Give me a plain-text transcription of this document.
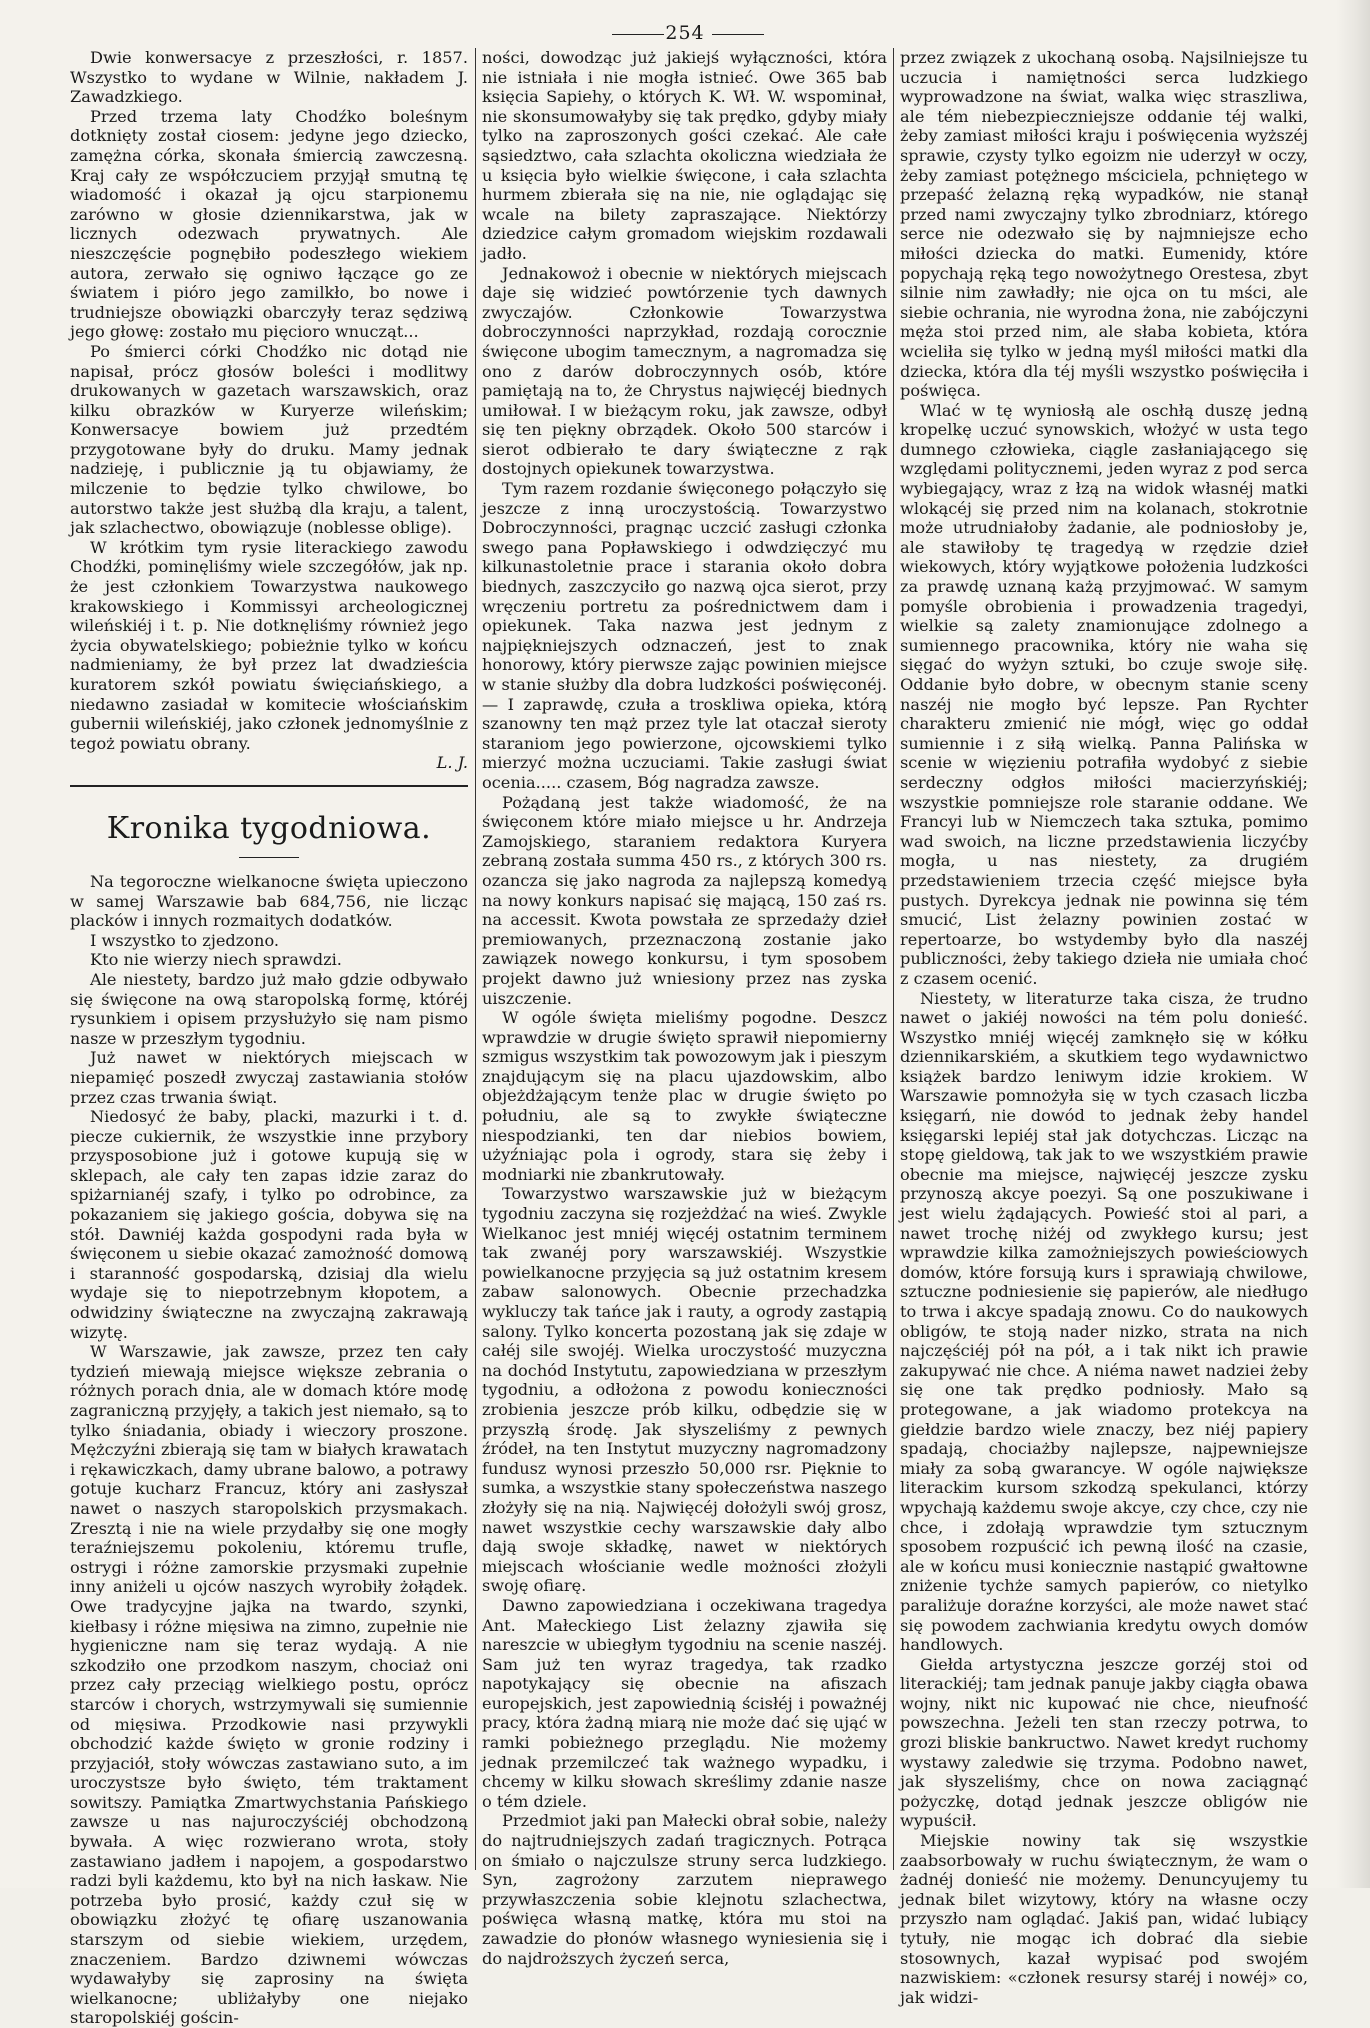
254

Dwie konwersacye z przeszłości, r. 1857. Wszystko to wydane w Wilnie, nakładem J. Zawadzkiego.

Przed trzema laty Chodźko boleśnym dotknięty został ciosem: jedyne jego dziecko, zamężna córka, skonała śmiercią zawczesną. Kraj cały ze współczuciem przyjął smutną tę wiadomość i okazał ją ojcu starpionemu zarówno w głosie dziennikarstwa, jak w licznych odezwach prywatnych. Ale nieszczęście pognębiło podeszłego wiekiem autora, zerwało się ogniwo łączące go ze światem i pióro jego zamilkło, bo nowe i trudniejsze obowiązki obarczyły teraz sędziwą jego głowę: zostało mu pięcioro wnucząt...

Po śmierci córki Chodźko nic dotąd nie napisał, prócz głosów boleści i modlitwy drukowanych w gazetach warszawskich, oraz kilku obrazków w Kuryerze wileńskim; Konwersacye bowiem już przedtém przygotowane były do druku. Mamy jednak nadzieję, i publicznie ją tu objawiamy, że milczenie to będzie tylko chwilowe, bo autorstwo także jest służbą dla kraju, a talent, jak szlachectwo, obowiązuje (noblesse oblige).

W krótkim tym rysie literackiego zawodu Chodźki, pominęliśmy wiele szczegółów, jak np. że jest członkiem Towarzystwa naukowego krakowskiego i Kommissyi archeologicznej wileńskiéj i t. p. Nie dotknęliśmy również jego życia obywatelskiego; pobieżnie tylko w końcu nadmieniamy, że był przez lat dwadzieścia kuratorem szkół powiatu święciańskiego, a niedawno zasiadał w komitecie włościańskim gubernii wileńskiéj, jako członek jednomyślnie z tegoż powiatu obrany.

L. J.
Kronika tygodniowa.

Na tegoroczne wielkanocne święta upieczono w samej Warszawie bab 684,756, nie licząc placków i innych rozmaitych dodatków.

I wszystko to zjedzono.

Kto nie wierzy niech sprawdzi.

Ale niestety, bardzo już mało gdzie odbywało się święcone na ową staropolską formę, któréj rysunkiem i opisem przysłużyło się nam pismo nasze w przeszłym tygodniu.

Już nawet w niektórych miejscach w niepamięć poszedł zwyczaj zastawiania stołów przez czas trwania świąt.

Niedosyć że baby, placki, mazurki i t. d. piecze cukiernik, że wszystkie inne przybory przysposobione już i gotowe kupują się w sklepach, ale cały ten zapas idzie zaraz do spiżarnianéj szafy, i tylko po odrobince, za pokazaniem się jakiego gościa, dobywa się na stół. Dawniéj każda gospodyni rada była w święconem u siebie okazać zamożność domową i staranność gospodarską, dzisiaj dla wielu wydaje się to niepotrzebnym kłopotem, a odwidziny świąteczne na zwyczajną zakrawają wizytę.

W Warszawie, jak zawsze, przez ten cały tydzień miewają miejsce większe zebrania o różnych porach dnia, ale w domach które modę zagraniczną przyjęły, a takich jest niemało, są to tylko śniadania, obiady i wieczory proszone. Mężczyźni zbierają się tam w białych krawatach i rękawiczkach, damy ubrane balowo, a potrawy gotuje kucharz Francuz, który ani zasłyszał nawet o naszych staropolskich przysmakach. Zresztą i nie na wiele przydałby się one mogły teraźniejszemu pokoleniu, któremu trufle, ostrygi i różne zamorskie przysmaki zupełnie inny aniżeli u ojców naszych wyrobiły żołądek. Owe tradycyjne jajka na twardo, szynki, kiełbasy i różne mięsiwa na zimno, zupełnie nie hygieniczne nam się teraz wydają. A nie szkodziło one przodkom naszym, chociaż oni przez cały przeciąg wielkiego postu, oprócz starców i chorych, wstrzymywali się sumiennie od mięsiwa. Przodkowie nasi przywykli obchodzić każde święto w gronie rodziny i przyjaciół, stoły wówczas zastawiano suto, a im uroczystsze było święto, tém traktament sowitszy. Pamiątka Zmartwychstania Pańskiego zawsze u nas najuroczyściéj obchodzoną bywała. A więc rozwierano wrota, stoły zastawiano jadłem i napojem, a gospodarstwo radzi byli każdemu, kto był na nich łaskaw. Nie potrzeba było prosić, każdy czuł się w obowiązku złożyć tę ofiarę uszanowania starszym od siebie wiekiem, urzędem, znaczeniem. Bardzo dziwnemi wówczas wydawałyby się zaprosiny na święta wielkanocne; ubliżałyby one niejako staropolskiéj gościn-

ności, dowodząc już jakiejś wyłączności, która nie istniała i nie mogła istnieć. Owe 365 bab księcia Sapiehy, o których K. Wł. W. wspominał, nie skonsumowałyby się tak prędko, gdyby miały tylko na zaproszonych gości czekać. Ale całe sąsiedztwo, cała szlachta okoliczna wiedziała że u księcia było wielkie święcone, i cała szlachta hurmem zbierała się na nie, nie oglądając się wcale na bilety zapraszające. Niektórzy dziedzice całym gromadom wiejskim rozdawali jadło.

Jednakowoż i obecnie w niektórych miejscach daje się widzieć powtórzenie tych dawnych zwyczajów. Członkowie Towarzystwa dobroczynności naprzykład, rozdają corocznie święcone ubogim tamecznym, a nagromadza się ono z darów dobroczynnych osób, które pamiętają na to, że Chrystus najwięcéj biednych umiłował. I w bieżącym roku, jak zawsze, odbył się ten piękny obrządek. Około 500 starców i sierot odbierało te dary świąteczne z rąk dostojnych opiekunek towarzystwa.

Tym razem rozdanie święconego połączyło się jeszcze z inną uroczystością. Towarzystwo Dobroczynności, pragnąc uczcić zasługi członka swego pana Popławskiego i odwdzięczyć mu kilkunastoletnie prace i starania około dobra biednych, zaszczyciło go nazwą ojca sierot, przy wręczeniu portretu za pośrednictwem dam i opiekunek. Taka nazwa jest jednym z najpiękniejszych odznaczeń, jest to znak honorowy, który pierwsze zając powinien miejsce w stanie służby dla dobra ludzkości poświęconéj. — I zaprawdę, czuła a troskliwa opieka, którą szanowny ten mąż przez tyle lat otaczał sieroty staraniom jego powierzone, ojcowskiemi tylko mierzyć można uczuciami. Takie zasługi świat ocenia..... czasem, Bóg nagradza zawsze.

Pożądaną jest także wiadomość, że na święconem które miało miejsce u hr. Andrzeja Zamojskiego, staraniem redaktora Kuryera zebraną została summa 450 rs., z których 300 rs. ozancza się jako nagroda za najlepszą komedyą na nowy konkurs napisać się mającą, 150 zaś rs. na accessit. Kwota powstała ze sprzedaży dzieł premiowanych, przeznaczoną zostanie jako zawiązek nowego konkursu, i tym sposobem projekt dawno już wniesiony przez nas zyska uiszczenie.

W ogóle święta mieliśmy pogodne. Deszcz wprawdzie w drugie święto sprawił niepomierny szmigus wszystkim tak powozowym jak i pieszym znajdującym się na placu ujazdowskim, albo objeżdżającym tenże plac w drugie święto po południu, ale są to zwykłe świąteczne niespodzianki, ten dar niebios bowiem, użyźniając pola i ogrody, stara się żeby i modniarki nie zbankrutowały.

Towarzystwo warszawskie już w bieżącym tygodniu zaczyna się rozjeżdżać na wieś. Zwykle Wielkanoc jest mniéj więcéj ostatnim terminem tak zwanéj pory warszawskiéj. Wszystkie powielkanocne przyjęcia są już ostatnim kresem zabaw salonowych. Obecnie przechadzka wykluczy tak tańce jak i rauty, a ogrody zastąpią salony. Tylko koncerta pozostaną jak się zdaje w całéj sile swojéj. Wielka uroczystość muzyczna na dochód Instytutu, zapowiedziana w przeszłym tygodniu, a odłożona z powodu konieczności zrobienia jeszcze prób kilku, odbędzie się w przyszłą środę. Jak słyszeliśmy z pewnych źródeł, na ten Instytut muzyczny nagromadzony fundusz wynosi przeszło 50,000 rsr. Pięknie to sumka, a wszystkie stany społeczeństwa naszego złożyły się na nią. Najwięcéj dołożyli swój grosz, nawet wszystkie cechy warszawskie dały albo dają swoje składkę, nawet w niektórych miejscach włościanie wedle możności złożyli swoję ofiarę.

Dawno zapowiedziana i oczekiwana tragedya Ant. Małeckiego List żelazny zjawiła się nareszcie w ubiegłym tygodniu na scenie naszéj. Sam już ten wyraz tragedya, tak rzadko napotykający się obecnie na afiszach europejskich, jest zapowiednią ścisłéj i poważnéj pracy, która żadną miarą nie może dać się ująć w ramki pobieżnego przeglądu. Nie możemy jednak przemilczeć tak ważnego wypadku, i chcemy w kilku słowach skreślimy zdanie nasze o tém dziele.

Przedmiot jaki pan Małecki obrał sobie, należy do najtrudniejszych zadań tragicznych. Potrąca on śmiało o najczulsze struny serca ludzkiego. Syn, zagrożony zarzutem nieprawego przywłaszczenia sobie klejnotu szlachectwa, poświęca własną matkę, która mu stoi na zawadzie do płonów własnego wyniesienia się i do najdroższych życzeń serca,

przez związek z ukochaną osobą. Najsilniejsze tu uczucia i namiętności serca ludzkiego wyprowadzone na świat, walka więc straszliwa, ale tém niebezpieczniejsze oddanie téj walki, żeby zamiast miłości kraju i poświęcenia wyższéj sprawie, czysty tylko egoizm nie uderzył w oczy, żeby zamiast potężnego mściciela, pchniętego w przepaść żelazną ręką wypadków, nie stanął przed nami zwyczajny tylko zbrodniarz, którego serce nie odezwało się by najmniejsze echo miłości dziecka do matki. Eumenidy, które popychają ręką tego nowożytnego Orestesa, zbyt silnie nim zawładły; nie ojca on tu mści, ale siebie ochrania, nie wyrodna żona, nie zabójczyni męża stoi przed nim, ale słaba kobieta, która wcieliła się tylko w jedną myśl miłości matki dla dziecka, która dla téj myśli wszystko poświęciła i poświęca.

Wlać w tę wyniosłą ale oschłą duszę jedną kropelkę uczuć synowskich, włożyć w usta tego dumnego człowieka, ciągle zasłaniającego się względami politycznemi, jeden wyraz z pod serca wybiegający, wraz z łzą na widok własnéj matki wlokącéj się przed nim na kolanach, stokrotnie może utrudniałoby żadanie, ale podniosłoby je, ale stawiłoby tę tragedyą w rzędzie dzieł wiekowych, który wyjątkowe położenia ludzkości za prawdę uznaną każą przyjmować. W samym pomyśle obrobienia i prowadzenia tragedyi, wielkie są zalety znamionujące zdolnego a sumiennego pracownika, który nie waha się sięgać do wyżyn sztuki, bo czuje swoje siłę. Oddanie było dobre, w obecnym stanie sceny naszéj nie mogło być lepsze. Pan Rychter charakteru zmienić nie mógł, więc go oddał sumiennie i z siłą wielką. Panna Palińska w scenie w więzieniu potrafiła wydobyć z siebie serdeczny odgłos miłości macierzyńskiéj; wszystkie pomniejsze role staranie oddane. We Francyi lub w Niemczech taka sztuka, pomimo wad swoich, na liczne przedstawienia liczyćby mogła, u nas niestety, za drugiém przedstawieniem trzecia część miejsce była pustych. Dyrekcya jednak nie powinna się tém smucić, List żelazny powinien zostać w repertoarze, bo wstydemby było dla naszéj publiczności, żeby takiego dzieła nie umiała choć z czasem ocenić.

Niestety, w literaturze taka cisza, że trudno nawet o jakiéj nowości na tém polu donieść. Wszystko mniéj więcéj zamknęło się w kółku dziennikarskiém, a skutkiem tego wydawnictwo książek bardzo leniwym idzie krokiem. W Warszawie pomnożyła się w tych czasach liczba księgarń, nie dowód to jednak żeby handel księgarski lepiéj stał jak dotychczas. Licząc na stopę gieldową, tak jak to we wszystkiém prawie obecnie ma miejsce, najwięcéj jeszcze zysku przynoszą akcye poezyi. Są one poszukiwane i jest wielu żądających. Powieść stoi al pari, a nawet trochę niżéj od zwykłego kursu; jest wprawdzie kilka zamożniejszych powieściowych domów, które forsują kurs i sprawiają chwilowe, sztuczne podniesienie się papierów, ale niedługo to trwa i akcye spadają znowu. Co do naukowych obligów, te stoją nader nizko, strata na nich najczęściéj pół na pół, a i tak nikt ich prawie zakupywać nie chce. A niéma nawet nadziei żeby się one tak prędko podniosły. Mało są protegowane, a jak wiadomo protekcya na giełdzie bardzo wiele znaczy, bez niéj papiery spadają, chociażby najlepsze, najpewniejsze miały za sobą gwarancye. W ogóle największe literackim kursom szkodzą spekulanci, którzy wpychają każdemu swoje akcye, czy chce, czy nie chce, i zdołają wprawdzie tym sztucznym sposobem rozpuścić ich pewną ilość na czasie, ale w końcu musi koniecznie nastąpić gwałtowne zniżenie tychże samych papierów, co nietylko paraliżuje doraźne korzyści, ale może nawet stać się powodem zachwiania kredytu owych domów handlowych.

Giełda artystyczna jeszcze gorzéj stoi od literackiéj; tam jednak panuje jakby ciągła obawa wojny, nikt nic kupować nie chce, nieufność powszechna. Jeżeli ten stan rzeczy potrwa, to grozi bliskie bankructwo. Nawet kredyt ruchomy wystawy zaledwie się trzyma. Podobno nawet, jak słyszeliśmy, chce on nowa zaciągnąć pożyczkę, dotąd jednak jeszcze obligów nie wypuścił.

Miejskie nowiny tak się wszystkie zaabsorbowały w ruchu świątecznym, że wam o żadnéj donieść nie możemy. Denuncyujemy tu jednak bilet wizytowy, który na własne oczy przyszło nam oglądać. Jakiś pan, widać lubiący tytuły, nie mogąc ich dobrać dla siebie stosownych, kazał wypisać pod swojém nazwiskiem: «członek resursy staréj i nowéj» co, jak widzi-
